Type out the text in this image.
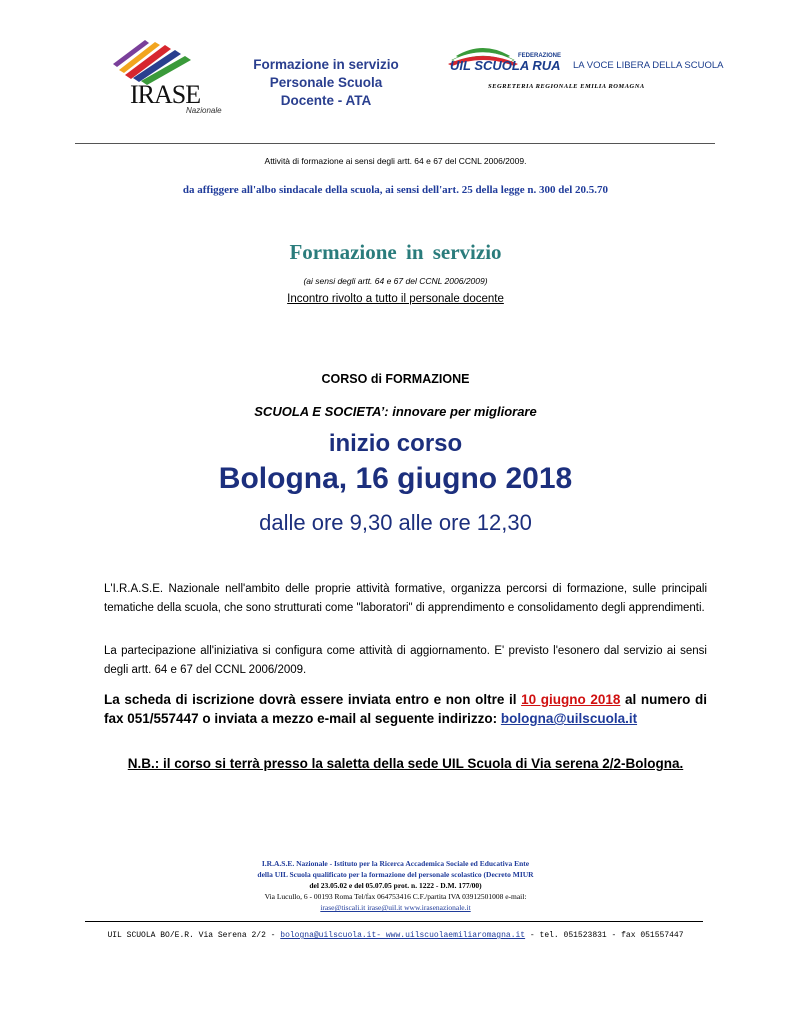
IRASE
Nazionale
Formazione in servizio
Personale Scuola
Docente - ATA
FEDERAZIONE
UIL SCUOLA RUA LA VOCE LIBERA DELLA SCUOLA
SEGRETERIA REGIONALE EMILIA ROMAGNA
Attività di formazione ai sensi degli artt. 64 e 67 del CCNL 2006/2009.
da affiggere all'albo sindacale della scuola, ai sensi dell'art. 25 della legge n. 300 del 20.5.70
Formazione in servizio
(ai sensi degli artt. 64 e 67 del CCNL 2006/2009)
Incontro rivolto a tutto il personale docente
CORSO di FORMAZIONE
SCUOLA E SOCIETA’: innovare per migliorare
inizio corso
Bologna, 16 giugno 2018
dalle ore 9,30 alle ore 12,30
L'I.R.A.S.E. Nazionale nell'ambito delle proprie attività formative, organizza percorsi di formazione, sulle principali tematiche della scuola, che sono strutturati come "laboratori" di apprendimento e consolidamento degli apprendimenti.
La partecipazione all'iniziativa si configura come attività di aggiornamento. E' previsto l'esonero dal servizio ai sensi degli artt. 64 e 67 del CCNL 2006/2009.
La scheda di iscrizione dovrà essere inviata entro e non oltre il 10 giugno 2018 al numero di fax 051/557447 o inviata a mezzo e-mail al seguente indirizzo: bologna@uilscuola.it
N.B.: il corso si terrà presso la saletta della sede UIL Scuola di Via serena 2/2-Bologna.
I.R.A.S.E. Nazionale - Istituto per la Ricerca Accademica Sociale ed Educativa Ente
della UIL Scuola qualificato per la formazione del personale scolastico (Decreto MIUR
del 23.05.02 e del 05.07.05 prot. n. 1222 - D.M. 177/00)
Via Lucullo, 6 - 00193 Roma Tel/fax 064753416 C.F./partita IVA 03912501008 e-mail:
irase@tiscali.it irase@uil.it www.irasenazionale.it
UIL SCUOLA BO/E.R. Via Serena 2/2 - bologna@uilscuola.it- www.uilscuolaemiliaromagna.it - tel. 051523831 - fax 051557447
